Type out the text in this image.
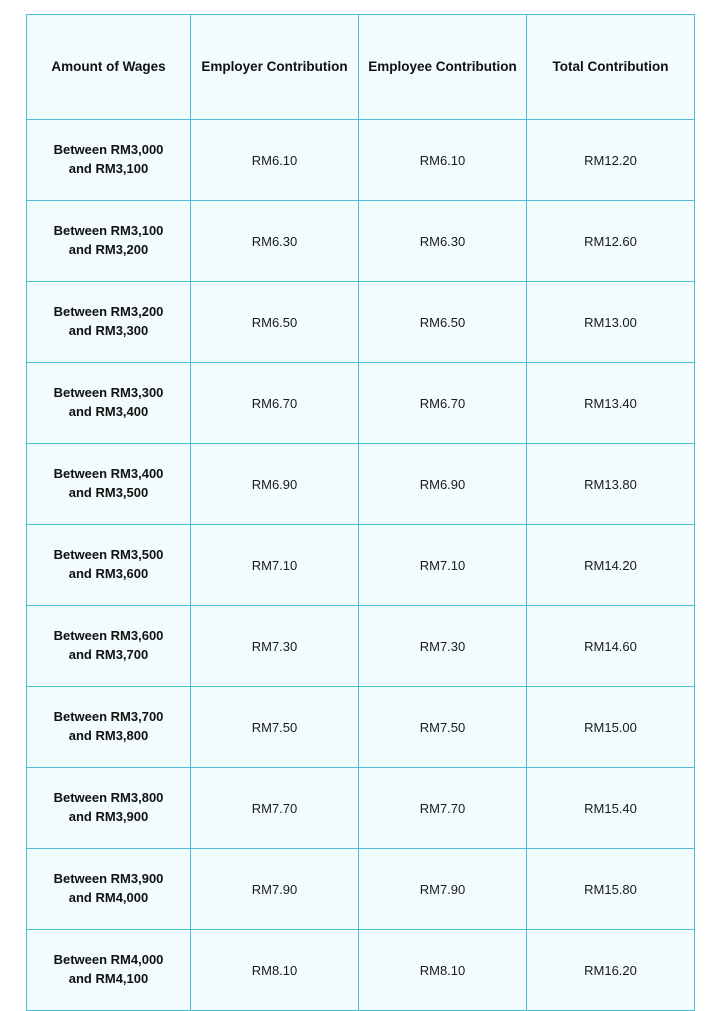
Amount of Wages	Employer Contribution	Employee Contribution	Total Contribution

Between RM3,000
and RM3,100	RM6.10	RM6.10	RM12.20

Between RM3,100
and RM3,200	RM6.30	RM6.30	RM12.60

Between RM3,200
and RM3,300	RM6.50	RM6.50	RM13.00

Between RM3,300
and RM3,400	RM6.70	RM6.70	RM13.40

Between RM3,400
and RM3,500	RM6.90	RM6.90	RM13.80

Between RM3,500
and RM3,600	RM7.10	RM7.10	RM14.20

Between RM3,600
and RM3,700	RM7.30	RM7.30	RM14.60

Between RM3,700
and RM3,800	RM7.50	RM7.50	RM15.00

Between RM3,800
and RM3,900	RM7.70	RM7.70	RM15.40

Between RM3,900
and RM4,000	RM7.90	RM7.90	RM15.80

Between RM4,000
and RM4,100	RM8.10	RM8.10	RM16.20
